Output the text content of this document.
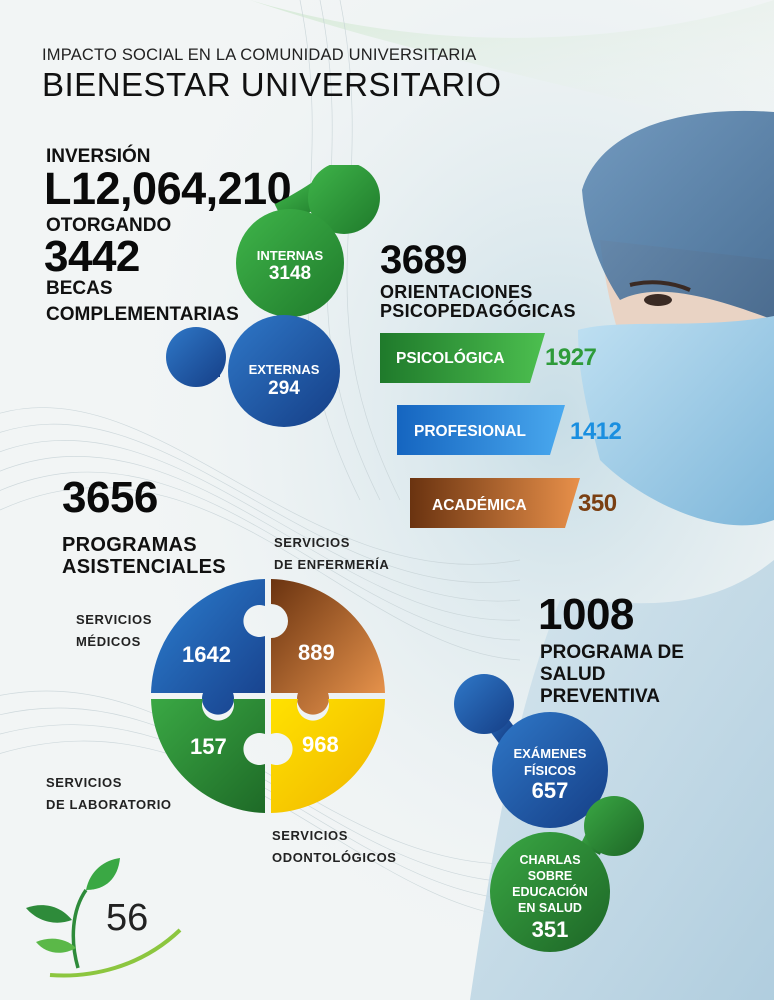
IMPACTO SOCIAL EN LA COMUNIDAD UNIVERSITARIA
BIENESTAR UNIVERSITARIO
INVERSIÓN
L12,064,210
OTORGANDO
3442
BECAS
COMPLEMENTARIAS
INTERNAS
3148
EXTERNAS
294
3689
ORIENTACIONES
PSICOPEDAGÓGICAS
PSICOLÓGICA 1927
PROFESIONAL 1412
ACADÉMICA 350
3656
PROGRAMAS
ASISTENCIALES
SERVICIOS
DE ENFERMERÍA
SERVICIOS
MÉDICOS
SERVICIOS
DE LABORATORIO
SERVICIOS
ODONTOLÓGICOS
1642	889
157	968
1008
PROGRAMA DE
SALUD
PREVENTIVA
EXÁMENES
FÍSICOS
657
CHARLAS
SOBRE
EDUCACIÓN
EN SALUD
351
56
